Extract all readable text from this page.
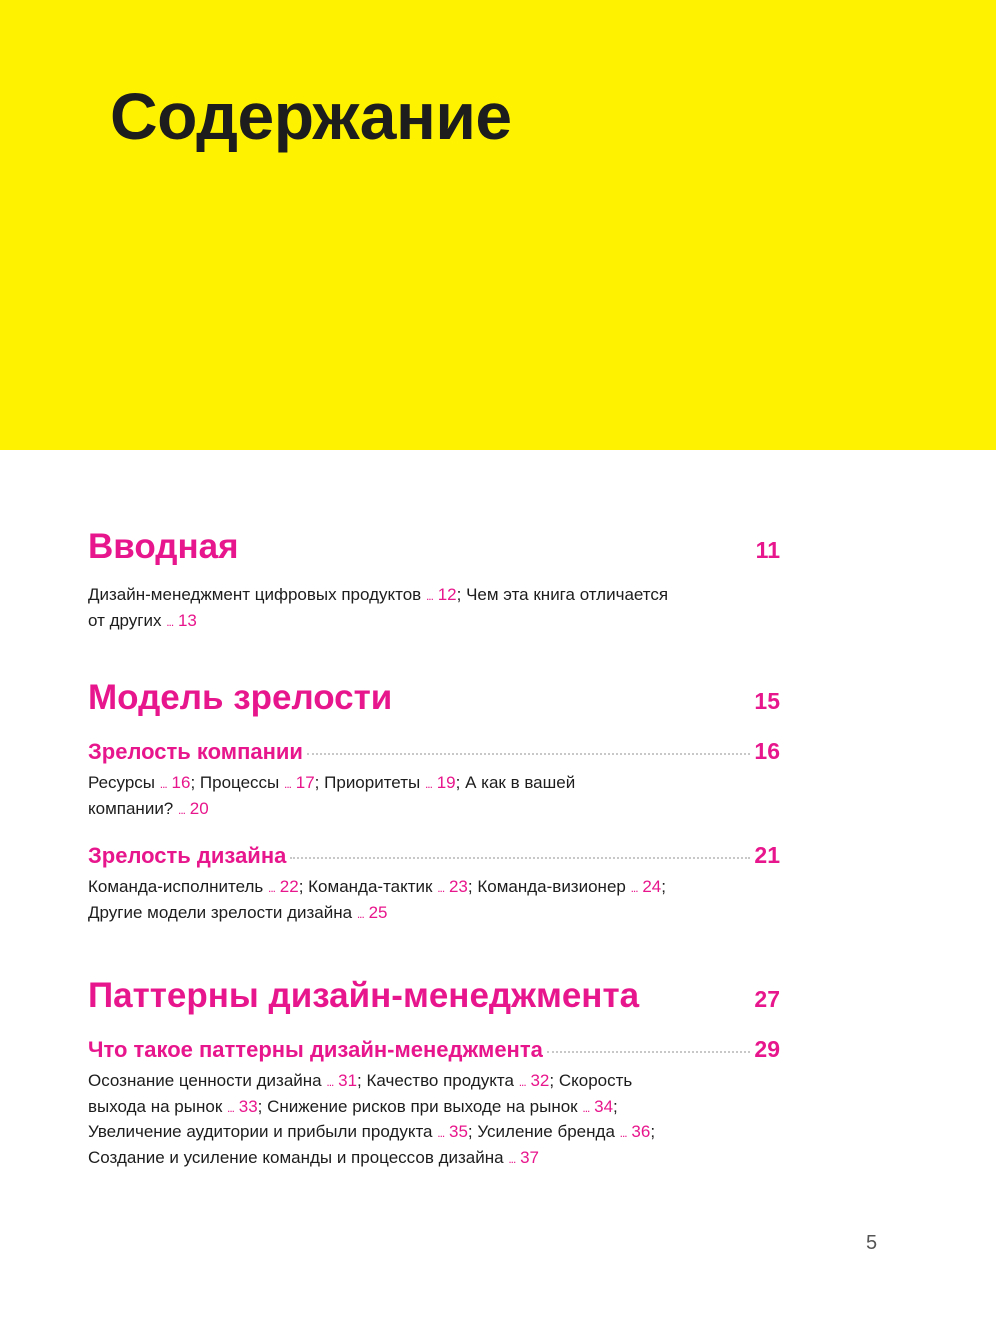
Содержание
Вводная	11
Дизайн-менеджмент цифровых продуктов ... 12; Чем эта книга отличается
от других ... 13
Модель зрелости	15
Зрелость компании	16
Ресурсы ... 16; Процессы ... 17; Приоритеты ... 19; А как в вашей
компании? ... 20
Зрелость дизайна	21
Команда-исполнитель ... 22; Команда-тактик ... 23; Команда-визионер ... 24;
Другие модели зрелости дизайна ... 25
Паттерны дизайн-менеджмента	27
Что такое паттерны дизайн-менеджмента	29
Осознание ценности дизайна ... 31; Качество продукта ... 32; Скорость
выхода на рынок ... 33; Снижение рисков при выходе на рынок ... 34;
Увеличение аудитории и прибыли продукта ... 35; Усиление бренда ... 36;
Создание и усиление команды и процессов дизайна ... 37
5
